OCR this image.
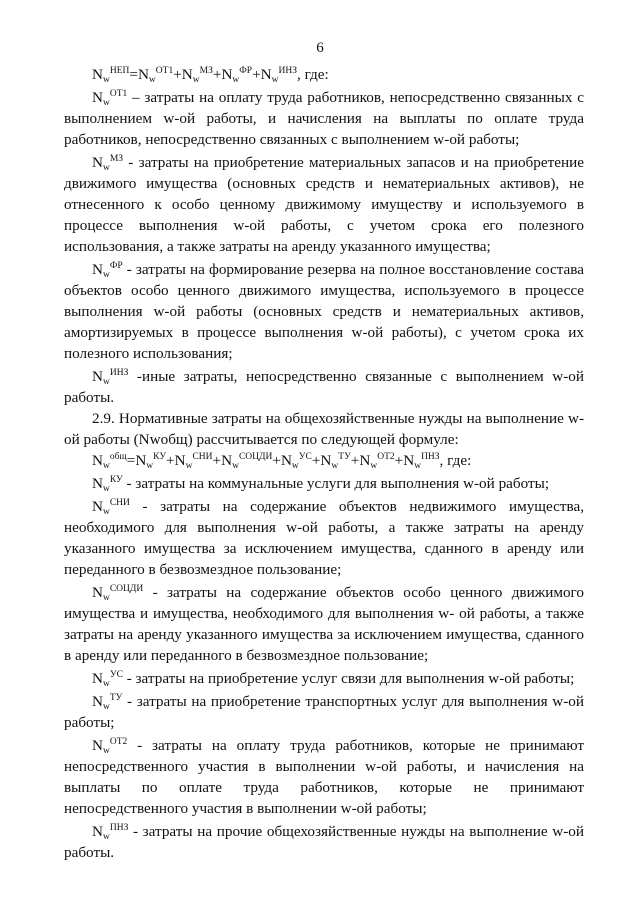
6

$N_w^{НЕП}=N_w^{ОТ1}+N_w^{МЗ}+N_w^{ФР}+N_w^{ИНЗ}$, где:

$N_w^{ОТ1}$ – затраты на оплату труда работников, непосредственно связанных с выполнением w-ой работы, и начисления на выплаты по оплате труда работников, непосредственно связанных с выполнением w-ой работы;

$N_w^{МЗ}$ - затраты на приобретение материальных запасов и на приобретение движимого имущества (основных средств и нематериальных активов), не отнесенного к особо ценному движимому имуществу и используемого в процессе выполнения w-ой работы, с учетом срока его полезного использования, а также затраты на аренду указанного имущества;

$N_w^{ФР}$ - затраты на формирование резерва на полное восстановление состава объектов особо ценного движимого имущества, используемого в процессе выполнения w-ой работы (основных средств и нематериальных активов, амортизируемых в процессе выполнения w-ой работы), с учетом срока их полезного использования;

$N_w^{ИНЗ}$ -иные затраты, непосредственно связанные с выполнением w-ой работы.

2.9. Нормативные затраты на общехозяйственные нужды на выполнение w-ой работы (Nwобщ) рассчитывается по следующей формуле:

$N_w^{общ}=N_w^{КУ}+N_w^{СНИ}+N_w^{СОЦДИ}+N_w^{УС}+N_w^{ТУ}+N_w^{ОТ2}+N_w^{ПНЗ}$, где:

$N_w^{КУ}$ - затраты на коммунальные услуги для выполнения w-ой работы;

$N_w^{СНИ}$ - затраты на содержание объектов недвижимого имущества, необходимого для выполнения w-ой работы, а также затраты на аренду указанного имущества за исключением имущества, сданного в аренду или переданного в безвозмездное пользование;

$N_w^{СОЦДИ}$ - затраты на содержание объектов особо ценного движимого имущества и имущества, необходимого для выполнения w- ой работы, а также затраты на аренду указанного имущества за исключением имущества, сданного в аренду или переданного в безвозмездное пользование;

$N_w^{УС}$ - затраты на приобретение услуг связи для выполнения w-ой работы;

$N_w^{ТУ}$ - затраты на приобретение транспортных услуг для выполнения w-ой работы;

$N_w^{ОТ2}$ - затраты на оплату труда работников, которые не принимают непосредственного участия в выполнении w-ой работы, и начисления на выплаты по оплате труда работников, которые не принимают непосредственного участия в выполнении w-ой работы;

$N_w^{ПНЗ}$ - затраты на прочие общехозяйственные нужды на выполнение w-ой работы.
